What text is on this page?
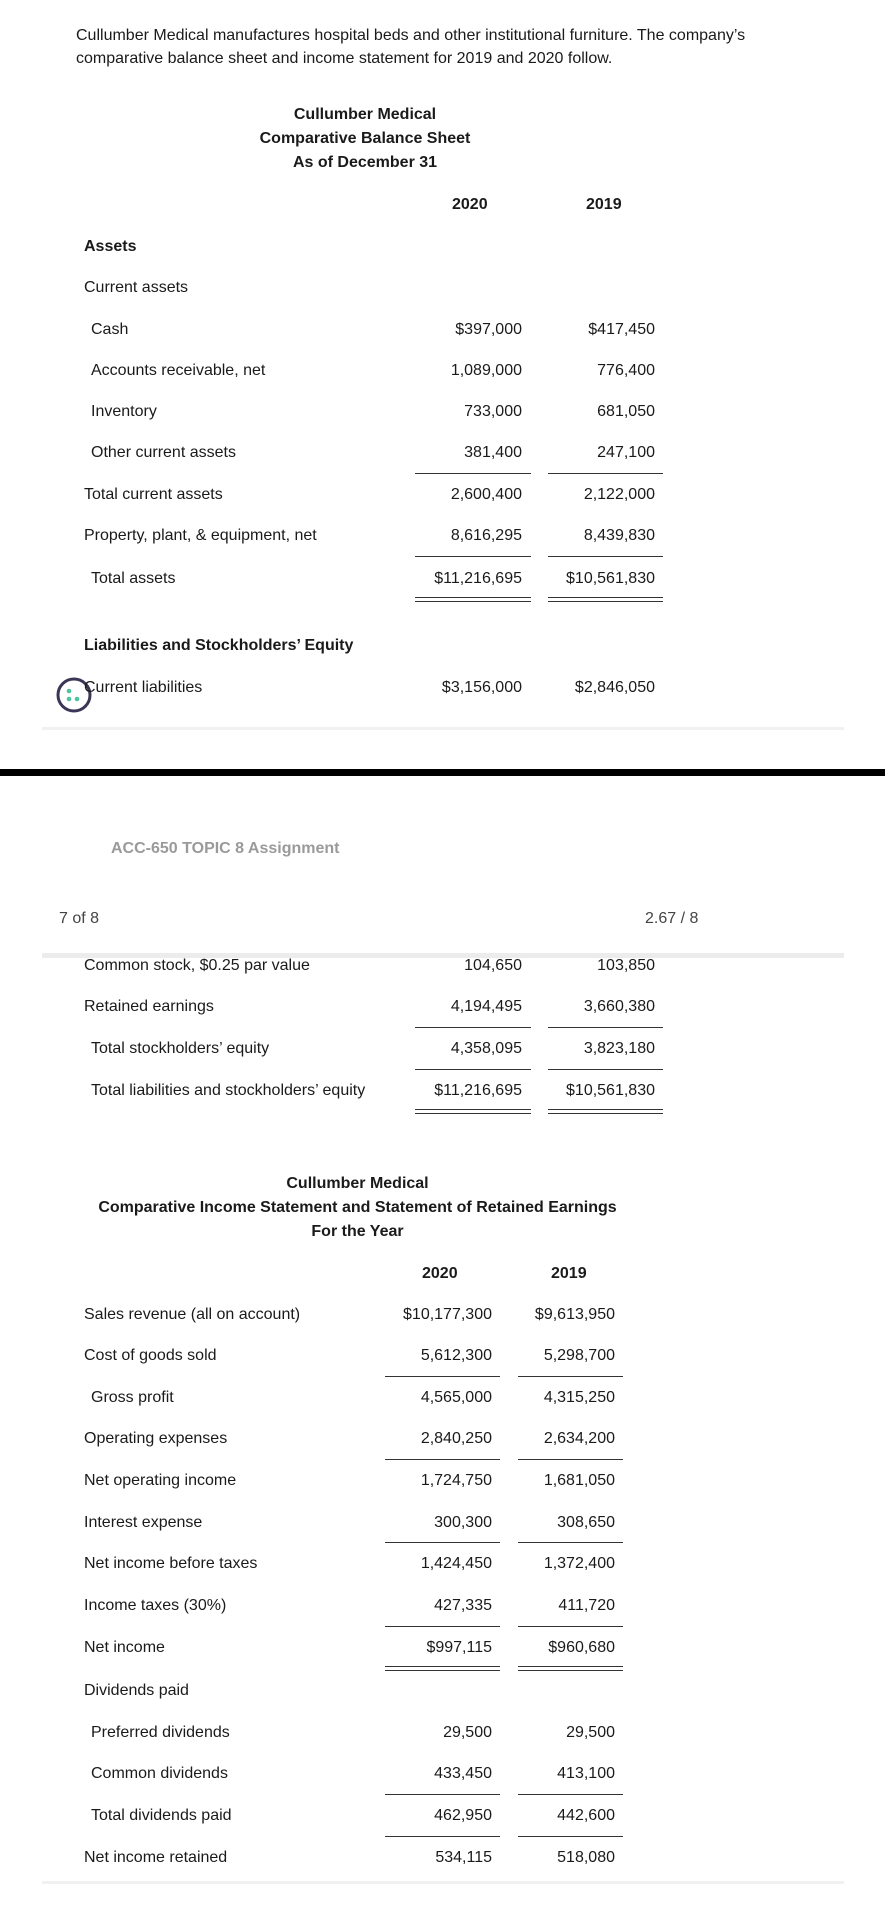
Cullumber Medical manufactures hospital beds and other institutional furniture. The company’s
comparative balance sheet and income statement for 2019 and 2020 follow.
Cullumber Medical
Comparative Balance Sheet
As of December 31
2020	2019
Assets
Current assets
Cash	$397,000	$417,450
Accounts receivable, net	1,089,000	776,400
Inventory	733,000	681,050
Other current assets	381,400	247,100
Total current assets	2,600,400	2,122,000
Property, plant, & equipment, net	8,616,295	8,439,830
Total assets	$11,216,695	$10,561,830
Liabilities and Stockholders’ Equity
Current liabilities	$3,156,000	$2,846,050
ACC-650 TOPIC 8 Assignment
7 of 8	2.67 / 8
Common stock, $0.25 par value	104,650	103,850
Retained earnings	4,194,495	3,660,380
Total stockholders’ equity	4,358,095	3,823,180
Total liabilities and stockholders’ equity	$11,216,695	$10,561,830
Cullumber Medical
Comparative Income Statement and Statement of Retained Earnings
For the Year
2020	2019
Sales revenue (all on account)	$10,177,300	$9,613,950
Cost of goods sold	5,612,300	5,298,700
Gross profit	4,565,000	4,315,250
Operating expenses	2,840,250	2,634,200
Net operating income	1,724,750	1,681,050
Interest expense	300,300	308,650
Net income before taxes	1,424,450	1,372,400
Income taxes (30%)	427,335	411,720
Net income	$997,115	$960,680
Dividends paid
Preferred dividends	29,500	29,500
Common dividends	433,450	413,100
Total dividends paid	462,950	442,600
Net income retained	534,115	518,080
